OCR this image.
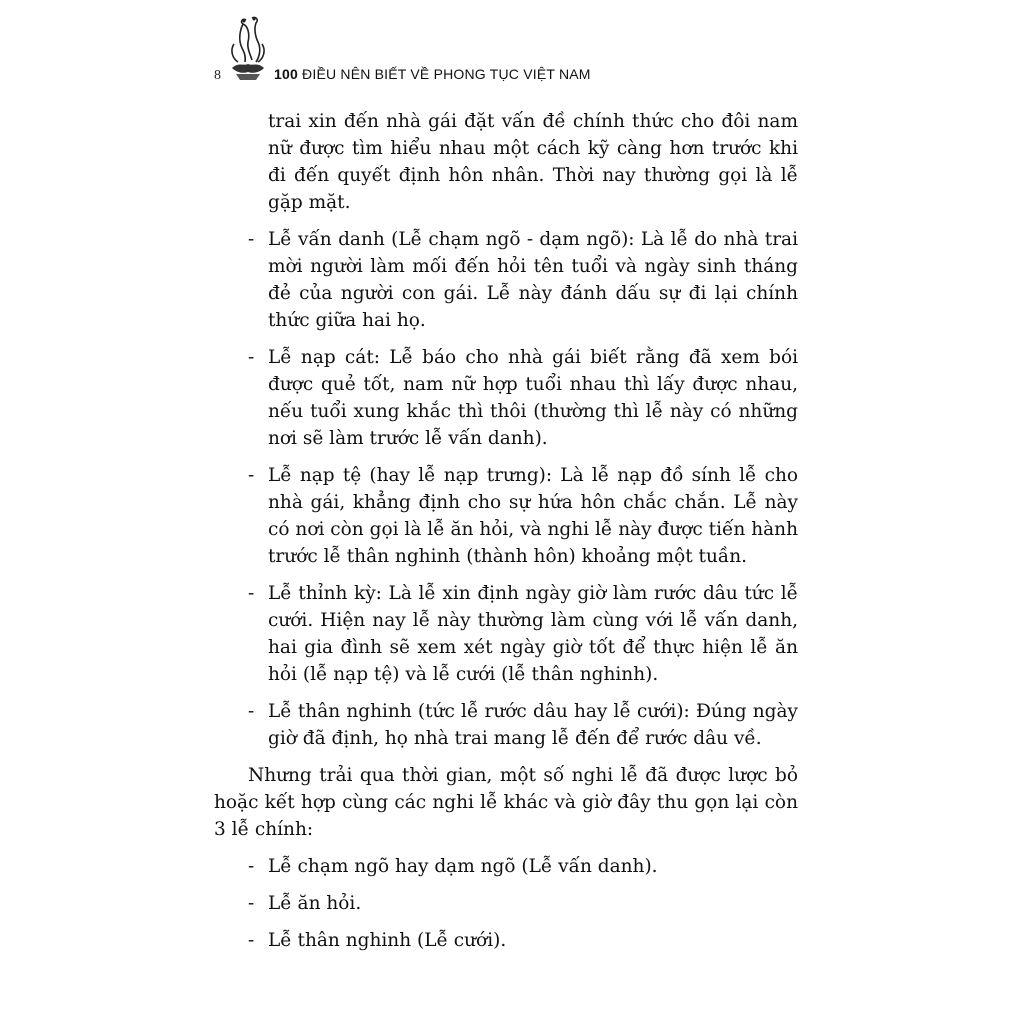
8	100 ĐIỀU NÊN BIẾT VỀ PHONG TỤC VIỆT NAM

trai xin đến nhà gái đặt vấn đề chính thức cho đôi nam nữ được tìm hiểu nhau một cách kỹ càng hơn trước khi đi đến quyết định hôn nhân. Thời nay thường gọi là lễ gặp mặt.

- Lễ vấn danh (Lễ chạm ngõ - dạm ngõ): Là lễ do nhà trai mời người làm mối đến hỏi tên tuổi và ngày sinh tháng đẻ của người con gái. Lễ này đánh dấu sự đi lại chính thức giữa hai họ.
- Lễ nạp cát: Lễ báo cho nhà gái biết rằng đã xem bói được quẻ tốt, nam nữ hợp tuổi nhau thì lấy được nhau, nếu tuổi xung khắc thì thôi (thường thì lễ này có những nơi sẽ làm trước lễ vấn danh).
- Lễ nạp tệ (hay lễ nạp trưng): Là lễ nạp đồ sính lễ cho nhà gái, khẳng định cho sự hứa hôn chắc chắn. Lễ này có nơi còn gọi là lễ ăn hỏi, và nghi lễ này được tiến hành trước lễ thân nghinh (thành hôn) khoảng một tuần.
- Lễ thỉnh kỳ: Là lễ xin định ngày giờ làm rước dâu tức lễ cưới. Hiện nay lễ này thường làm cùng với lễ vấn danh, hai gia đình sẽ xem xét ngày giờ tốt để thực hiện lễ ăn hỏi (lễ nạp tệ) và lễ cưới (lễ thân nghinh).
- Lễ thân nghinh (tức lễ rước dâu hay lễ cưới): Đúng ngày giờ đã định, họ nhà trai mang lễ đến để rước dâu về.

Nhưng trải qua thời gian, một số nghi lễ đã được lược bỏ hoặc kết hợp cùng các nghi lễ khác và giờ đây thu gọn lại còn 3 lễ chính:

- Lễ chạm ngõ hay dạm ngõ (Lễ vấn danh).
- Lễ ăn hỏi.
- Lễ thân nghinh (Lễ cưới).
